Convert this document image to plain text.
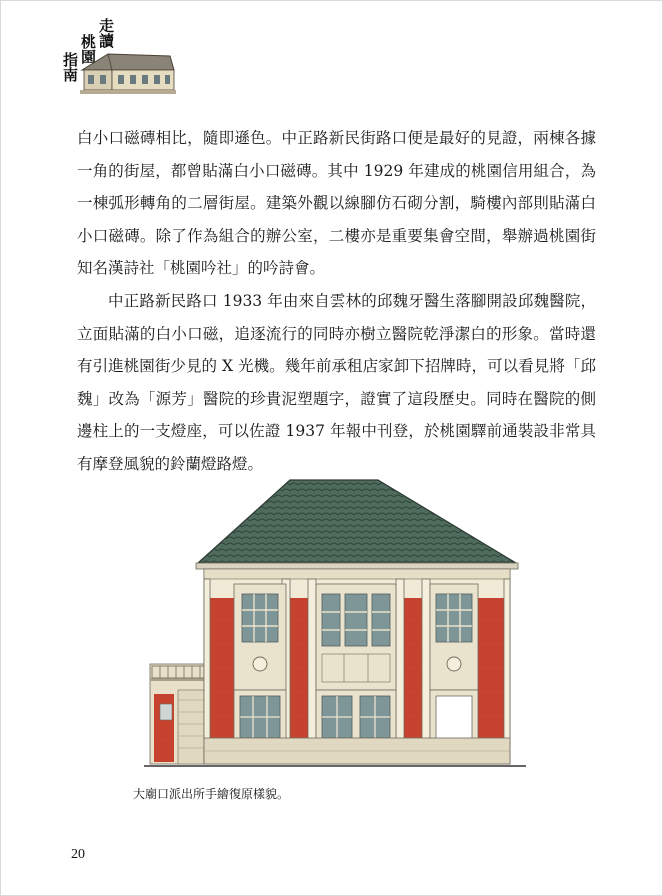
走讀
桃園
指南

白小口磁磚相比，隨即遜色。中正路新民街路口便是最好的見證，兩棟各據一角的街屋，都曾貼滿白小口磁磚。其中 1929 年建成的桃園信用組合，為一棟弧形轉角的二層街屋。建築外觀以線腳仿石砌分割，騎樓內部則貼滿白小口磁磚。除了作為組合的辦公室，二樓亦是重要集會空間，舉辦過桃園街知名漢詩社「桃園吟社」的吟詩會。

中正路新民路口 1933 年由來自雲林的邱魏牙醫生落腳開設邱魏醫院，立面貼滿的白小口磁，追逐流行的同時亦樹立醫院乾淨潔白的形象。當時還有引進桃園街少見的 X 光機。幾年前承租店家卸下招牌時，可以看見將「邱魏」改為「源芳」醫院的珍貴泥塑題字，證實了這段歷史。同時在醫院的側邊柱上的一支燈座，可以佐證 1937 年報中刊登，於桃園驛前通裝設非常具有摩登風貌的鈴蘭燈路燈。

大廟口派出所手繪復原樣貌。
20
